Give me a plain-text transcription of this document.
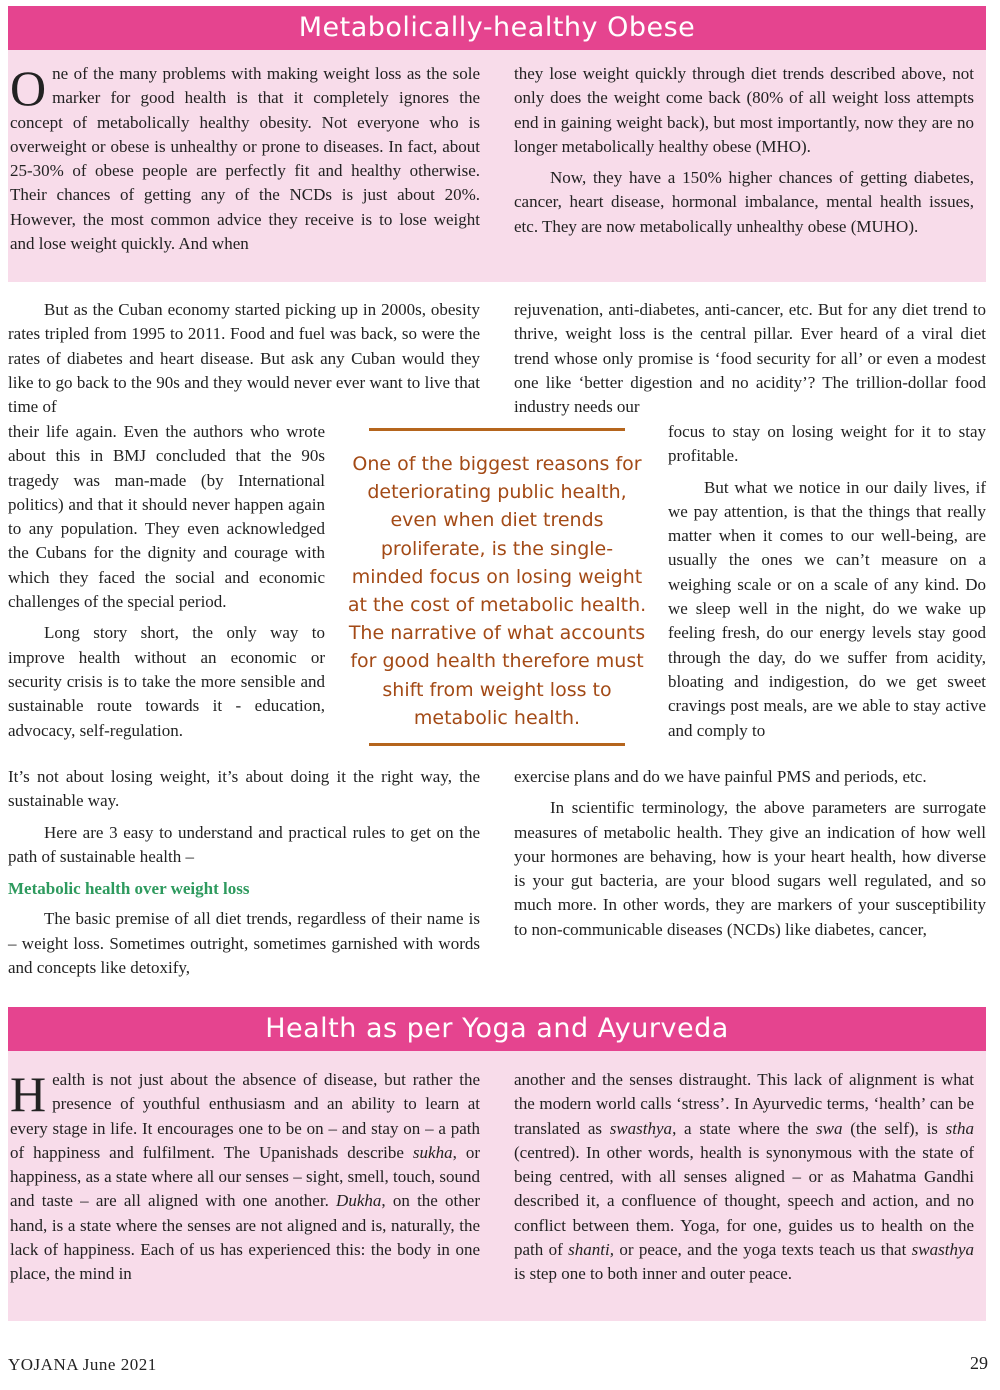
Metabolically-healthy Obese

One of the many problems with making weight loss as the sole marker for good health is that it completely ignores the concept of metabolically healthy obesity. Not everyone who is overweight or obese is unhealthy or prone to diseases. In fact, about 25-30% of obese people are perfectly fit and healthy otherwise. Their chances of getting any of the NCDs is just about 20%. However, the most common advice they receive is to lose weight and lose weight quickly. And when

they lose weight quickly through diet trends described above, not only does the weight come back (80% of all weight loss attempts end in gaining weight back), but most importantly, now they are no longer metabolically healthy obese (MHO).

Now, they have a 150% higher chances of getting diabetes, cancer, heart disease, hormonal imbalance, mental health issues, etc. They are now metabolically unhealthy obese (MUHO).

But as the Cuban economy started picking up in 2000s, obesity rates tripled from 1995 to 2011. Food and fuel was back, so were the rates of diabetes and heart disease. But ask any Cuban would they like to go back to the 90s and they would never ever want to live that time of

their life again. Even the authors who wrote about this in BMJ concluded that the 90s tragedy was man-made (by International politics) and that it should never happen again to any population. They even acknowledged the Cubans for the dignity and courage with which they faced the social and economic challenges of the special period.

Long story short, the only way to improve health without an economic or security crisis is to take the more sensible and sustainable route towards it - education, advocacy, self-regulation.

It’s not about losing weight, it’s about doing it the right way, the sustainable way.

Here are 3 easy to understand and practical rules to get on the path of sustainable health –

Metabolic health over weight loss

The basic premise of all diet trends, regardless of their name is – weight loss. Sometimes outright, sometimes garnished with words and concepts like detoxify,

rejuvenation, anti-diabetes, anti-cancer, etc. But for any diet trend to thrive, weight loss is the central pillar. Ever heard of a viral diet trend whose only promise is ‘food security for all’ or even a modest one like ‘better digestion and no acidity’? The trillion-dollar food industry needs our

focus to stay on losing weight for it to stay profitable.

But what we notice in our daily lives, if we pay attention, is that the things that really matter when it comes to our well-being, are usually the ones we can’t measure on a weighing scale or on a scale of any kind. Do we sleep well in the night, do we wake up feeling fresh, do our energy levels stay good through the day, do we suffer from acidity, bloating and indigestion, do we get sweet cravings post meals, are we able to stay active and comply to

exercise plans and do we have painful PMS and periods, etc.

In scientific terminology, the above parameters are surrogate measures of metabolic health. They give an indication of how well your hormones are behaving, how is your heart health, how diverse is your gut bacteria, are your blood sugars well regulated, and so much more. In other words, they are markers of your susceptibility to non-communicable diseases (NCDs) like diabetes, cancer,

One of the biggest reasons for deteriorating public health, even when diet trends proliferate, is the single-minded focus on losing weight at the cost of metabolic health. The narrative of what accounts for good health therefore must shift from weight loss to metabolic health.
Health as per Yoga and Ayurveda

Health is not just about the absence of disease, but rather the presence of youthful enthusiasm and an ability to learn at every stage in life. It encourages one to be on – and stay on – a path of happiness and fulfilment. The Upanishads describe sukha, or happiness, as a state where all our senses – sight, smell, touch, sound and taste – are all aligned with one another. Dukha, on the other hand, is a state where the senses are not aligned and is, naturally, the lack of happiness. Each of us has experienced this: the body in one place, the mind in

another and the senses distraught. This lack of alignment is what the modern world calls ‘stress’. In Ayurvedic terms, ‘health’ can be translated as swasthya, a state where the swa (the self), is stha (centred). In other words, health is synonymous with the state of being centred, with all senses aligned – or as Mahatma Gandhi described it, a confluence of thought, speech and action, and no conflict between them. Yoga, for one, guides us to health on the path of shanti, or peace, and the yoga texts teach us that swasthya is step one to both inner and outer peace.

YOJANA June 2021	29
